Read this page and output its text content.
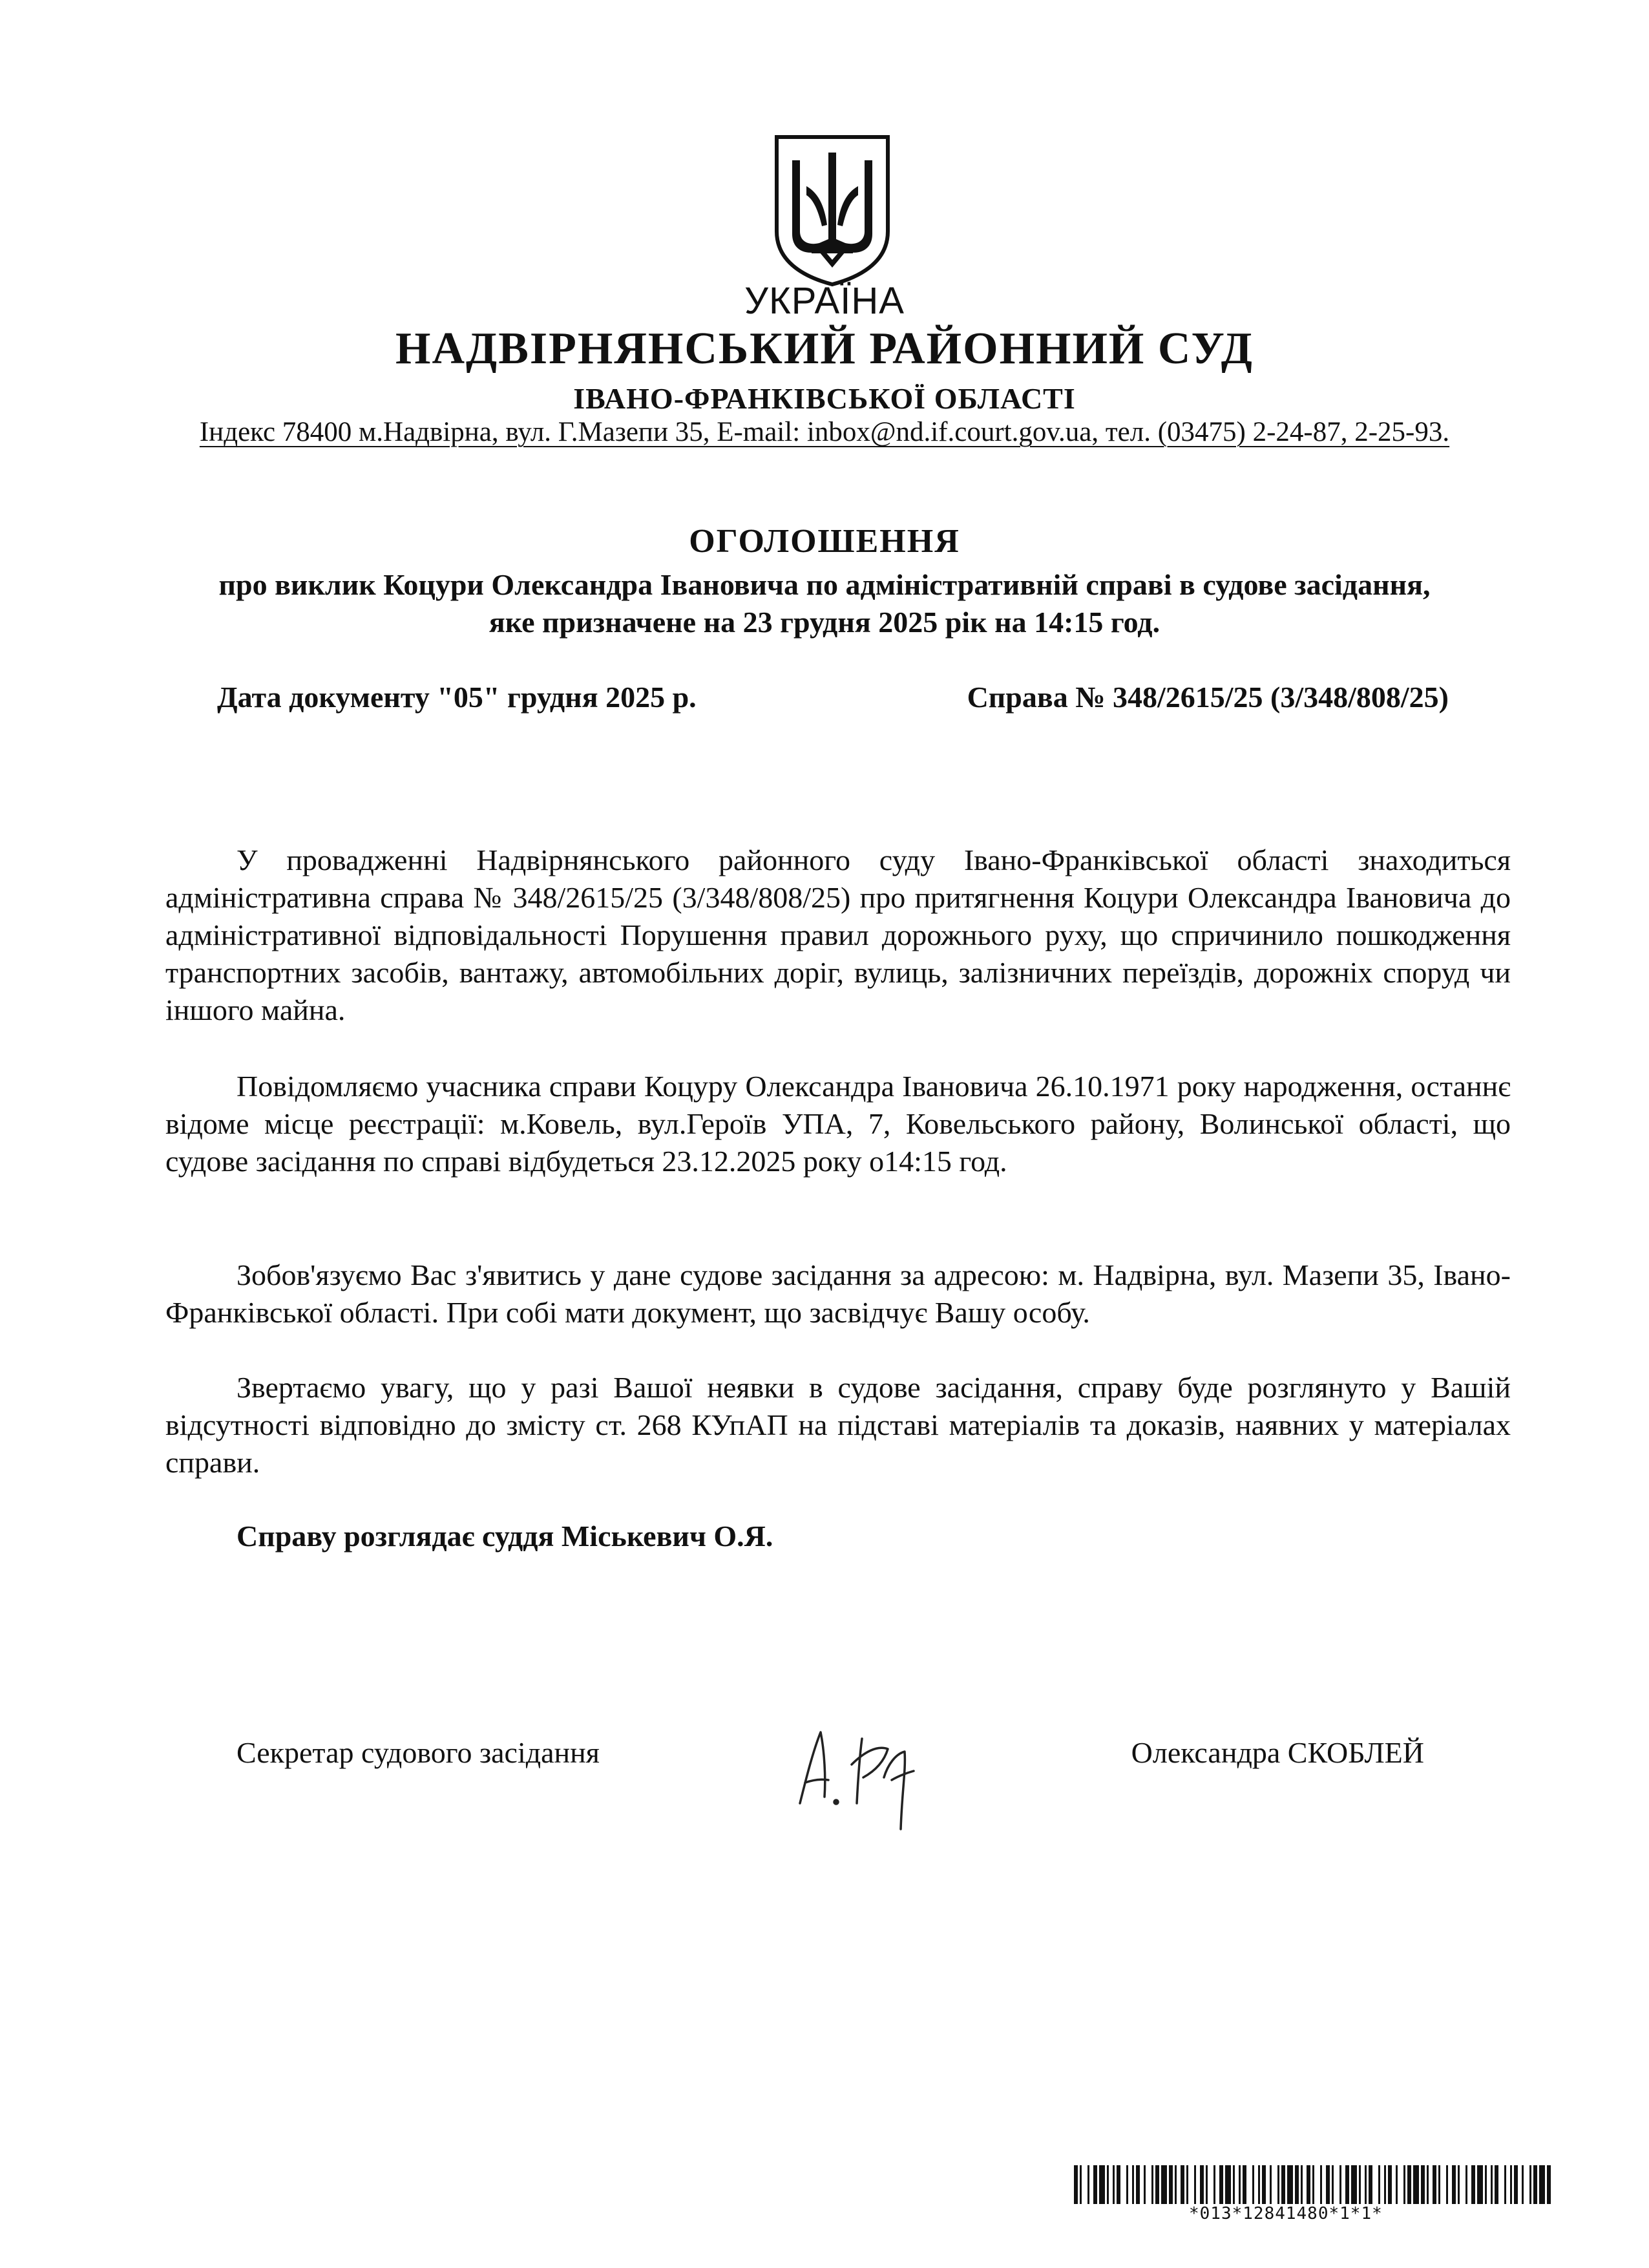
УКРАЇНА
НАДВІРНЯНСЬКИЙ РАЙОННИЙ СУД
ІВАНО-ФРАНКІВСЬКОЇ ОБЛАСТІ
Індекс 78400 м.Надвірна, вул. Г.Мазепи 35, E-mail: inbox@nd.if.court.gov.ua, тел. (03475) 2-24-87, 2-25-93.
ОГОЛОШЕННЯ
про виклик Коцури Олександра Івановича по адміністративній справі в судове засідання, яке призначене на 23 грудня 2025 рік на 14:15 год.
Дата документу "05" грудня 2025 р.	Справа № 348/2615/25 (3/348/808/25)

У провадженні Надвірнянського районного суду Івано-Франківської області знаходиться адміністративна справа № 348/2615/25 (3/348/808/25) про притягнення Коцури Олександра Івановича до адміністративної відповідальності Порушення правил дорожнього руху, що спричинило пошкодження транспортних засобів, вантажу, автомобільних доріг, вулиць, залізничних переїздів, дорожніх споруд чи іншого майна.

Повідомляємо учасника справи Коцуру Олександра Івановича 26.10.1971 року народження, останнє відоме місце реєстрації: м.Ковель, вул.Героїв УПА, 7, Ковельського району, Волинської області, що судове засідання по справі відбудеться 23.12.2025 року о14:15 год.

Зобов'язуємо Вас з'явитись у дане судове засідання за адресою: м. Надвірна, вул. Мазепи 35, Івано-Франківської області. При собі мати документ, що засвідчує Вашу особу.

Звертаємо увагу, що у разі Вашої неявки в судове засідання, справу буде розглянуто у Вашій відсутності відповідно до змісту ст. 268 КУпАП на підставі матеріалів та доказів, наявних у матеріалах справи.

Справу розглядає суддя Міськевич О.Я.

Секретар судового засідання	Олександра СКОБЛЕЙ
*013*12841480*1*1*
